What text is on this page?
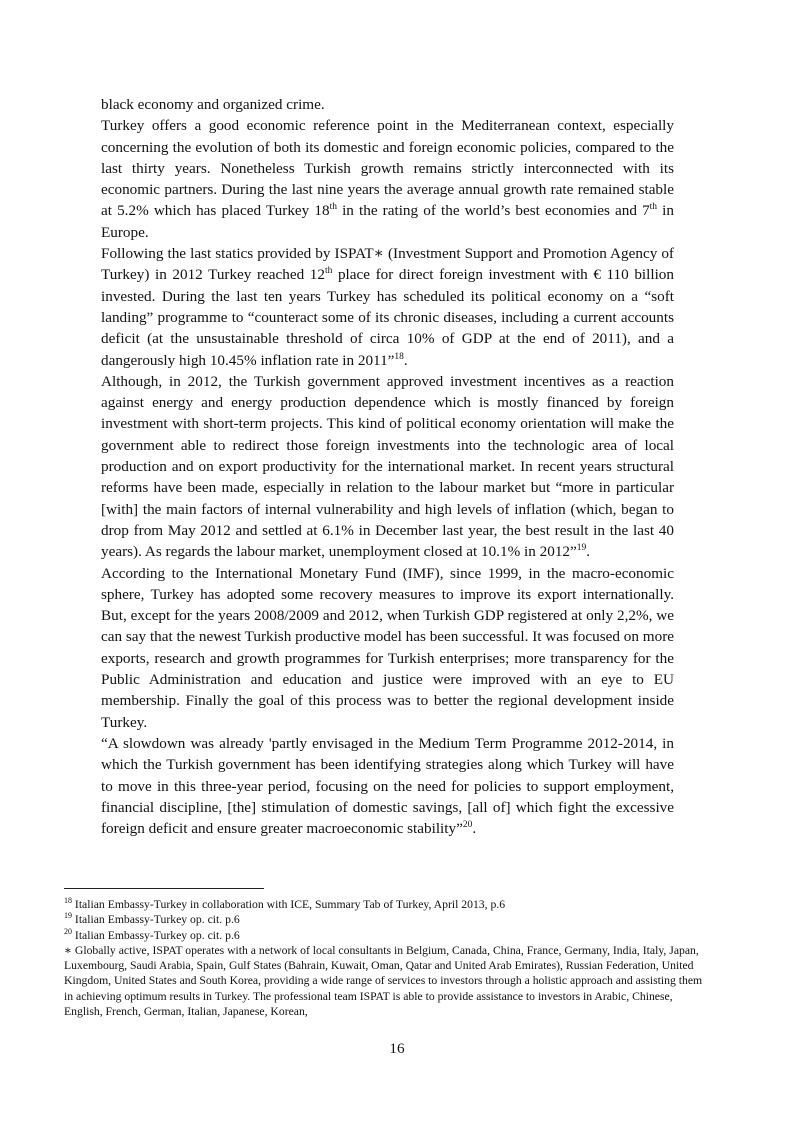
black economy and organized crime.

Turkey offers a good economic reference point in the Mediterranean context, especially concerning the evolution of both its domestic and foreign economic policies, compared to the last thirty years. Nonetheless Turkish growth remains strictly interconnected with its economic partners. During the last nine years the average annual growth rate remained stable at 5.2% which has placed Turkey 18th in the rating of the world’s best economies and 7th in Europe.

Following the last statics provided by ISPAT∗ (Investment Support and Promotion Agency of Turkey) in 2012 Turkey reached 12th place for direct foreign investment with € 110 billion invested. During the last ten years Turkey has scheduled its political economy on a “soft landing” programme to “counteract some of its chronic diseases, including a current accounts deficit (at the unsustainable threshold of circa 10% of GDP at the end of 2011), and a dangerously high 10.45% inflation rate in 2011”$^{18}$.

Although, in 2012, the Turkish government approved investment incentives as a reaction against energy and energy production dependence which is mostly financed by foreign investment with short-term projects. This kind of political economy orientation will make the government able to redirect those foreign investments into the technologic area of local production and on export productivity for the international market. In recent years structural reforms have been made, especially in relation to the labour market but “more in particular [with] the main factors of internal vulnerability and high levels of inflation (which, began to drop from May 2012 and settled at 6.1% in December last year, the best result in the last 40 years). As regards the labour market, unemployment closed at 10.1% in 2012”$^{19}$.

According to the International Monetary Fund (IMF), since 1999, in the macro-economic sphere, Turkey has adopted some recovery measures to improve its export internationally. But, except for the years 2008/2009 and 2012, when Turkish GDP registered at only 2,2%, we can say that the newest Turkish productive model has been successful. It was focused on more exports, research and growth programmes for Turkish enterprises; more transparency for the Public Administration and education and justice were improved with an eye to EU membership. Finally the goal of this process was to better the regional development inside Turkey.

“A slowdown was already 'partly envisaged in the Medium Term Programme 2012-2014, in which the Turkish government has been identifying strategies along which Turkey will have to move in this three-year period, focusing on the need for policies to support employment, financial discipline, [the] stimulation of domestic savings, [all of] which fight the excessive foreign deficit and ensure greater macroeconomic stability”$^{20}$.

$^{18}$ Italian Embassy-Turkey in collaboration with ICE, Summary Tab of Turkey, April 2013, p.6

$^{19}$ Italian Embassy-Turkey op. cit. p.6

$^{20}$ Italian Embassy-Turkey op. cit. p.6

∗ Globally active, ISPAT operates with a network of local consultants in Belgium, Canada, China, France, Germany, India, Italy, Japan, Luxembourg, Saudi Arabia, Spain, Gulf States (Bahrain, Kuwait, Oman, Qatar and United Arab Emirates), Russian Federation, United Kingdom, United States and South Korea, providing a wide range of services to investors through a holistic approach and assisting them in achieving optimum results in Turkey. The professional team ISPAT is able to provide assistance to investors in Arabic, Chinese, English, French, German, Italian, Japanese, Korean,

16
